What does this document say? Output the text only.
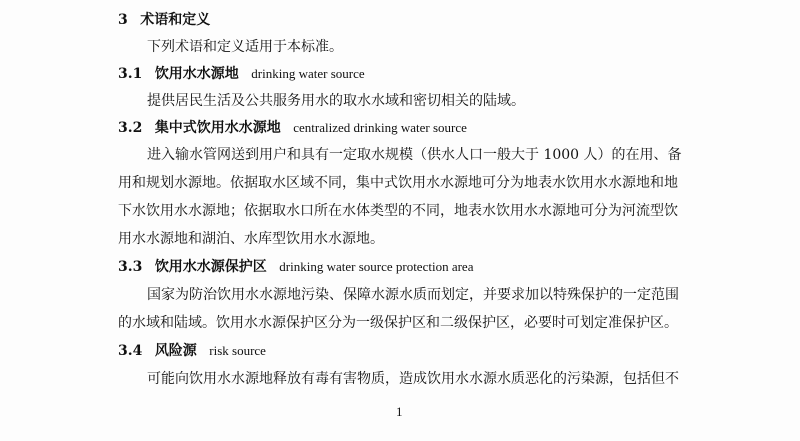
3 术语和定义
下列术语和定义适用于本标准。
3.1 饮用水水源地 drinking water source
提供居民生活及公共服务用水的取水水域和密切相关的陆域。
3.2 集中式饮用水水源地 centralized drinking water source
进入输水管网送到用户和具有一定取水规模（供水人口一般大于 1000 人）的在用、备
用和规划水源地。依据取水区域不同，集中式饮用水水源地可分为地表水饮用水水源地和地
下水饮用水水源地；依据取水口所在水体类型的不同，地表水饮用水水源地可分为河流型饮
用水水源地和湖泊、水库型饮用水水源地。
3.3 饮用水水源保护区 drinking water source protection area
国家为防治饮用水水源地污染、保障水源水质而划定，并要求加以特殊保护的一定范围
的水域和陆域。饮用水水源保护区分为一级保护区和二级保护区，必要时可划定准保护区。
3.4 风险源 risk source
可能向饮用水水源地释放有毒有害物质，造成饮用水水源水质恶化的污染源，包括但不
1
